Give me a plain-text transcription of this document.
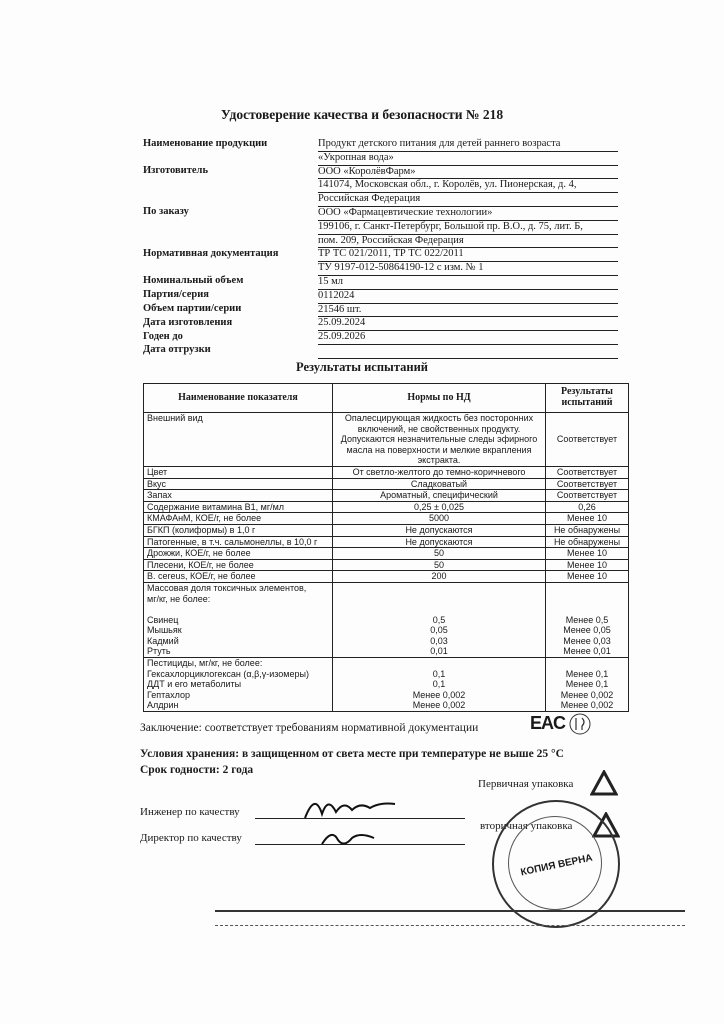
Удостоверение качества и безопасности № 218
Наименование продукции	Продукт детского питания для детей раннего возраста
	«Укропная вода»
Изготовитель	ООО «КоролёвФарм»
	141074, Московская обл., г. Королёв, ул. Пионерская, д. 4,
	Российская Федерация
По заказу	ООО «Фармацевтические технологии»
	199106, г. Санкт-Петербург, Большой пр. В.О., д. 75, лит. Б,
	пом. 209, Российская Федерация
Нормативная документация	ТР ТС 021/2011, ТР ТС 022/2011
	ТУ 9197-012-50864190-12 с изм. № 1
Номинальный объем	15 мл
Партия/серия	0112024
Объем партии/серии	21546 шт.
Дата изготовления	25.09.2024
Годен до	25.09.2026
Дата отгрузки	
Результаты испытаний
Наименование показателя	Нормы по НД	Результаты испытаний
Внешний вид	Опалесцирующая жидкость без посторонних
включений, не свойственных продукту.
Допускаются незначительные следы эфирного
масла на поверхности и мелкие вкрапления
экстракта.	Соответствует
Цвет	От светло-желтого до темно-коричневого	Соответствует
Вкус	Сладковатый	Соответствует
Запах	Ароматный, специфический	Соответствует
Содержание витамина B1, мг/мл	0,25 ± 0,025	0,26
КМАФАнМ, КОЕ/г, не более	5000	Менее 10
БГКП (колиформы) в 1,0 г	Не допускаются	Не обнаружены
Патогенные, в т.ч. сальмонеллы, в 10,0 г	Не допускаются	Не обнаружены
Дрожжи, КОЕ/г, не более	50	Менее 10
Плесени, КОЕ/г, не более	50	Менее 10
B. cereus, КОЕ/г, не более	200	Менее 10

Массовая доля токсичных элементов,
мг/кг, не более:		

Свинец	0,5	Менее 0,5
Мышьяк	0,05	Менее 0,05
Кадмий	0,03	Менее 0,03
Ртуть	0,01	Менее 0,01
Пестициды, мг/кг, не более:		
Гексахлорциклогексан (α,β,γ-изомеры)	0,1	Менее 0,1
ДДТ и его метаболиты	0,1	Менее 0,1
Гептахлор	Менее 0,002	Менее 0,002
Алдрин	Менее 0,002	Менее 0,002
Заключение: соответствует требованиям нормативной документации	EAC
Условия хранения: в защищенном от света месте при температуре не выше 25 °С
Срок годности: 2 года
Первичная упаковка
вторичная упаковка
Инженер по качеству
Директор по качеству
КОПИЯ ВЕРНА
